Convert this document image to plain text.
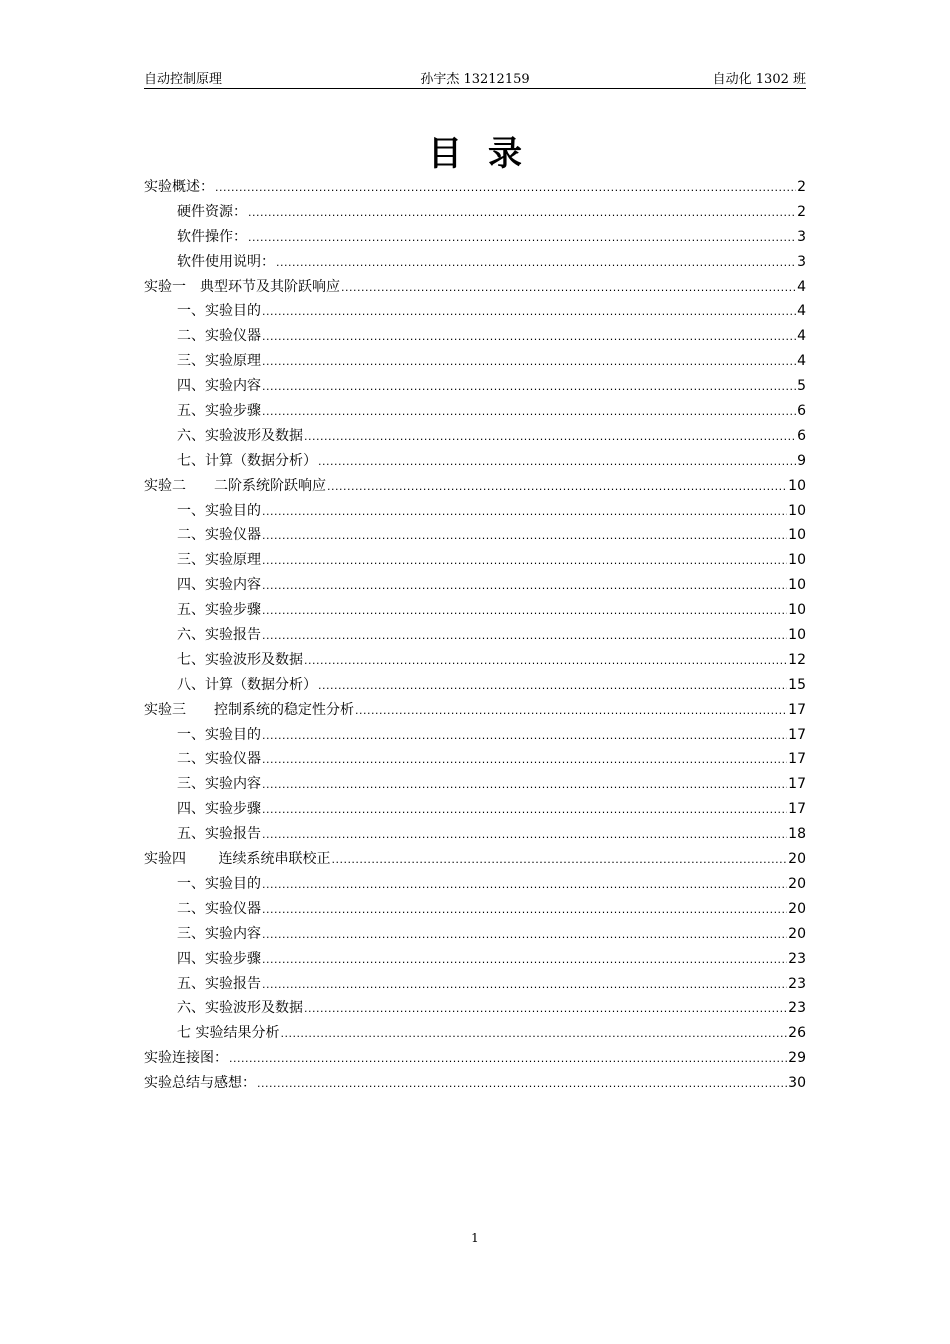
自动控制原理	孙宇杰 13212159	自动化 1302 班
目录
实验概述： .....	2
硬件资源： .....	2
软件操作： .....	3
软件使用说明： .....	3
实验一　典型环节及其阶跃响应 .....	4
一、实验目的 .....	4
二、实验仪器 .....	4
三、实验原理 .....	4
四、实验内容 .....	5
五、实验步骤 .....	6
六、实验波形及数据 .....	6
七、计算（数据分析） .....	9
实验二　　二阶系统阶跃响应 .....	10
一、实验目的 .....	10
二、实验仪器 .....	10
三、实验原理 .....	10
四、实验内容 .....	10
五、实验步骤 .....	10
六、实验报告 .....	10
七、实验波形及数据 .....	12
八、计算（数据分析） .....	15
实验三　　控制系统的稳定性分析 .....	17
一、实验目的 .....	17
二、实验仪器 .....	17
三、实验内容 .....	17
四、实验步骤 .....	17
五、实验报告 .....	18
实验四　　 连续系统串联校正 .....	20
一、实验目的 .....	20
二、实验仪器 .....	20
三、实验内容 .....	20
四、实验步骤 .....	23
五、实验报告 .....	23
六、实验波形及数据 .....	23
七 实验结果分析 .....	26
实验连接图： .....	29
实验总结与感想： .....	30
1
